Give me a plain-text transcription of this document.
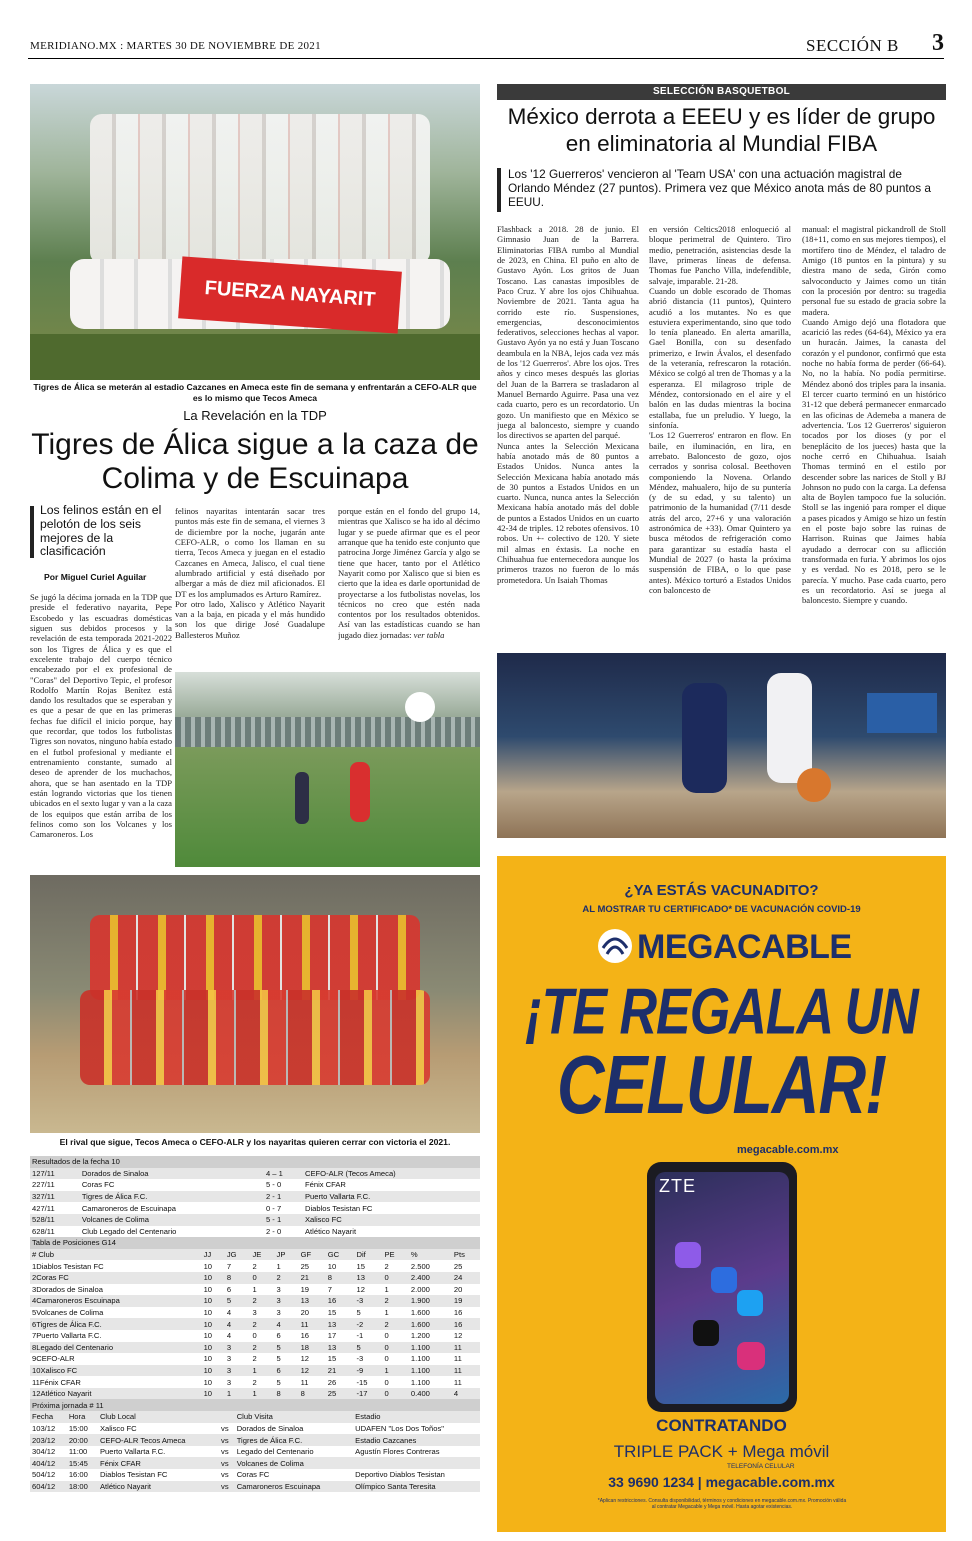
MERIDIANO.MX : MARTES 30 DE NOVIEMBRE DE 2021	SECCIÓN B 3
FUERZA NAYARIT
Tigres de Álica se meterán al estadio Cazcanes en Ameca este fin de semana y enfrentarán a CEFO-ALR que es lo mismo que Tecos Ameca
La Revelación en la TDP
Tigres de Álica sigue a la caza de Colima y de Escuinapa
Los felinos están en el pelotón de los seis mejores de la clasificación
Por Miguel Curiel Aguilar
Se jugó la décima jornada en la TDP que preside el federativo nayarita, Pepe Escobedo y las escuadras domésticas siguen sus debidos procesos y la revelación de esta temporada 2021-2022 son los Tigres de Álica y es que el excelente trabajo del cuerpo técnico encabezado por el ex profesional de "Coras" del Deportivo Tepic, el profesor Rodolfo Martín Rojas Benítez está dando los resultados que se esperaban y es que a pesar de que en las primeras fechas fue difícil el inicio porque, hay que recordar, que todos los futbolistas Tigres son novatos, ninguno había estado en el futbol profesional y mediante el entrenamiento constante, sumado al deseo de aprender de los muchachos, ahora, que se han asentado en la TDP están logrando victorias que los tienen ubicados en el sexto lugar y van a la caza de los equipos que están arriba de los felinos como son los Volcanes y los Camaroneros. Los
felinos nayaritas intentarán sacar tres puntos más este fin de semana, el viernes 3 de diciembre por la noche, jugarán ante CEFO-ALR, o como los llaman en su tierra, Tecos Ameca y juegan en el estadio Cazcanes en Ameca, Jalisco, el cual tiene alumbrado artificial y está diseñado por albergar a más de diez mil aficionados. El DT es los amplumados es Arturo Ramírez.
Por otro lado, Xalisco y Atlético Nayarit van a la baja, en picada y el más hundido son los que dirige José Guadalupe Ballesteros Muñoz
porque están en el fondo del grupo 14, mientras que Xalisco se ha ido al décimo lugar y se puede afirmar que es el peor arranque que ha tenido este conjunto que patrocina Jorge Jiménez García y algo se tiene que hacer, tanto por el Atlético Nayarit como por Xalisco que si bien es cierto que la idea es darle oportunidad de proyectarse a los futbolistas novelas, los técnicos no creo que estén nada contentos por los resultados obtenidos. Así van las estadísticas cuando se han jugado diez jornadas: ver tabla
El rival que sigue, Tecos Ameca o CEFO-ALR y los nayaritas quieren cerrar con victoria el 2021.
Resultados de la fecha 10			
127/11	Dorados de Sinaloa	4 – 1	CEFO-ALR (Tecos Ameca)
227/11	Coras FC	5 - 0	Fénix CFAR
327/11	Tigres de Álica F.C.	2 - 1	Puerto Vallarta F.C.
427/11	Camaroneros de Escuinapa	0 - 7	Diablos Tesistan FC
528/11	Volcanes de Colima	5 - 1	Xalisco FC
628/11	Club Legado del Centenario	2 - 0	Atlético Nayarit
Tabla de Posiciones G14										
# Club	JJ	JG	JE	JP	GF	GC	Dif	PE	%	Pts
1Diablos Tesistan FC	10	7	2	1	25	10	15	2	2.500	25
2Coras FC	10	8	0	2	21	8	13	0	2.400	24
3Dorados de Sinaloa	10	6	1	3	19	7	12	1	2.000	20
4Camaroneros Escuinapa	10	5	2	3	13	16	-3	2	1.900	19
5Volcanes de Colima	10	4	3	3	20	15	5	1	1.600	16
6Tigres de Álica F.C.	10	4	2	4	11	13	-2	2	1.600	16
7Puerto Vallarta F.C.	10	4	0	6	16	17	-1	0	1.200	12
8Legado del Centenario	10	3	2	5	18	13	5	0	1.100	11
9CEFO-ALR	10	3	2	5	12	15	-3	0	1.100	11
10Xalisco FC	10	3	1	6	12	21	-9	1	1.100	11
11Fénix CFAR	10	3	2	5	11	26	-15	0	1.100	11
12Atlético Nayarit	10	1	1	8	8	25	-17	0	0.400	4
Próxima jornada # 11					
Fecha	Hora	Club Local		Club Visita	Estadio
103/12	15:00	Xalisco FC	vs	Dorados de Sinaloa	UDAFEN "Los Dos Toños"
203/12	20:00	CEFO-ALR Tecos Ameca	vs	Tigres de Álica F.C.	Estadio Cazcanes
304/12	11:00	Puerto Vallarta F.C.	vs	Legado del Centenario	Agustín Flores Contreras
404/12	15:45	Fénix CFAR	vs	Volcanes de Colima	
504/12	16:00	Diablos Tesistan FC	vs	Coras FC	Deportivo Diablos Tesistan
604/12	18:00	Atlético Nayarit	vs	Camaroneros Escuinapa	Olímpico Santa Teresita
SELECCIÓN BASQUETBOL
México derrota a EEEU y es líder de grupo en eliminatoria al Mundial FIBA
Los '12 Guerreros' vencieron al 'Team USA' con una actuación magistral de Orlando Méndez (27 puntos). Primera vez que México anota más de 80 puntos a EEUU.
Flashback a 2018. 28 de junio. El Gimnasio Juan de la Barrera. Eliminatorias FIBA rumbo al Mundial de 2023, en China. El puño en alto de Gustavo Ayón. Los gritos de Juan Toscano. Las canastas imposibles de Paco Cruz. Y abre los ojos Chihuahua. Noviembre de 2021. Tanta agua ha corrido este río. Suspensiones, emergencias, desconocimientos federativos, selecciones hechas al vapor. Gustavo Ayón ya no está y Juan Toscano deambula en la NBA, lejos cada vez más de los '12 Guerreros'. Abre los ojos. Tres años y cinco meses después las glorias del Juan de la Barrera se trasladaron al Manuel Bernardo Aguirre. Pasa una vez cada cuarto, pero es un recordatorio. Un gozo. Un manifiesto que en México se juega al baloncesto, siempre y cuando los directivos se aparten del parqué.
Nunca antes la Selección Mexicana había anotado más de 80 puntos a Estados Unidos. Nunca antes la Selección Mexicana había anotado más de 30 puntos a Estados Unidos en un cuarto. Nunca, nunca antes la Selección Mexicana había anotado más del doble de puntos a Estados Unidos en un cuarto 42-34 de triples. 12 rebotes ofensivos. 10 robos. Un +- colectivo de 120. Y siete mil almas en éxtasis. La noche en Chihuahua fue enternecedora aunque los primeros trazos no fueron de lo más prometedora. Un Isaiah Thomas
en versión Celtics2018 enloqueció al bloque perimetral de Quintero. Tiro medio, penetración, asistencias desde la llave, primeras líneas de defensa. Thomas fue Pancho Villa, indefendible, salvaje, imparable. 21-28.
Cuando un doble escorado de Thomas abrió distancia (11 puntos), Quintero acudió a los mutantes. No es que estuviera experimentando, sino que todo lo tenía planeado. En alerta amarilla, Gael Bonilla, con su desenfado primerizo, e Irwin Ávalos, el desenfado de la veteranía, refrescaron la rotación. México se colgó al tren de Thomas y a la esperanza. El milagroso triple de Méndez, contorsionado en el aire y el balón en las dudas mientras la bocina estallaba, fue un preludio. Y luego, la sinfonía.
'Los 12 Guerreros' entraron en flow. En baile, en iluminación, en lira, en arrebato. Baloncesto de gozo, ojos cerrados y sonrisa colosal. Beethoven componiendo la Novena. Orlando Méndez, mahualero, hijo de su puntería (y de su edad, y su talento) un patrimonio de la humanidad (7/11 desde atrás del arco, 27+6 y una valoración astronómica de +33). Omar Quintero ya busca métodos de refrigeración como para garantizar su estadía hasta el Mundial de 2027 (o hasta la próxima suspensión de FIBA, o lo que pase antes). México torturó a Estados Unidos con baloncesto de
manual: el magistral pickandroll de Stoll (18+11, como en sus mejores tiempos), el mortífero tino de Méndez, el taladro de Amigo (18 puntos en la pintura) y su diestra mano de seda, Girón como salvoconducto y Jaimes como un titán con la procesión por dentro: su tragedia personal fue su estado de gracia sobre la madera.
Cuando Amigo dejó una flotadora que acarició las redes (64-64), México ya era un huracán. Jaimes, la canasta del corazón y el pundonor, confirmó que esta noche no había forma de perder (66-64). No, no la había. No podía permitirse. Méndez abonó dos triples para la insania. El tercer cuarto terminó en un histórico 31-12 que deberá permanecer enmarcado en las oficinas de Ademeba a manera de advertencia. 'Los 12 Guerreros' siguieron tocados por los dioses (y por el beneplácito de los jueces) hasta que la noche cerró en Chihuahua. Isaiah Thomas terminó en el estilo por descender sobre las narices de Stoll y BJ Johnson no pudo con la carga. La defensa alta de Boylen tampoco fue la solución. Stoll se las ingenió para romper el dique a pases picados y Amigo se hizo un festín en el poste bajo sobre las ruinas de Harrison. Ruinas que Jaimes había ayudado a derrocar con su aflicción transformada en furia. Y abrimos los ojos y es verdad. No es 2018, pero se le parecía. Y mucho. Pase cada cuarto, pero es un recordatorio. Así se juega al baloncesto. Siempre y cuando.
¿YA ESTÁS VACUNADITO?
AL MOSTRAR TU CERTIFICADO* DE VACUNACIÓN COVID-19
MEGACABLE
¡TE REGALA UN
CELULAR!
megacable.com.mx
ZTE
CONTRATANDO
TRIPLE PACK + Mega móvil
TELEFONÍA CELULAR
33 9690 1234 | megacable.com.mx
*Aplican restricciones. Consulta disponibilidad, términos y condiciones en megacable.com.mx. Promoción válida al contratar Megacable y Mega móvil. Hasta agotar existencias.
